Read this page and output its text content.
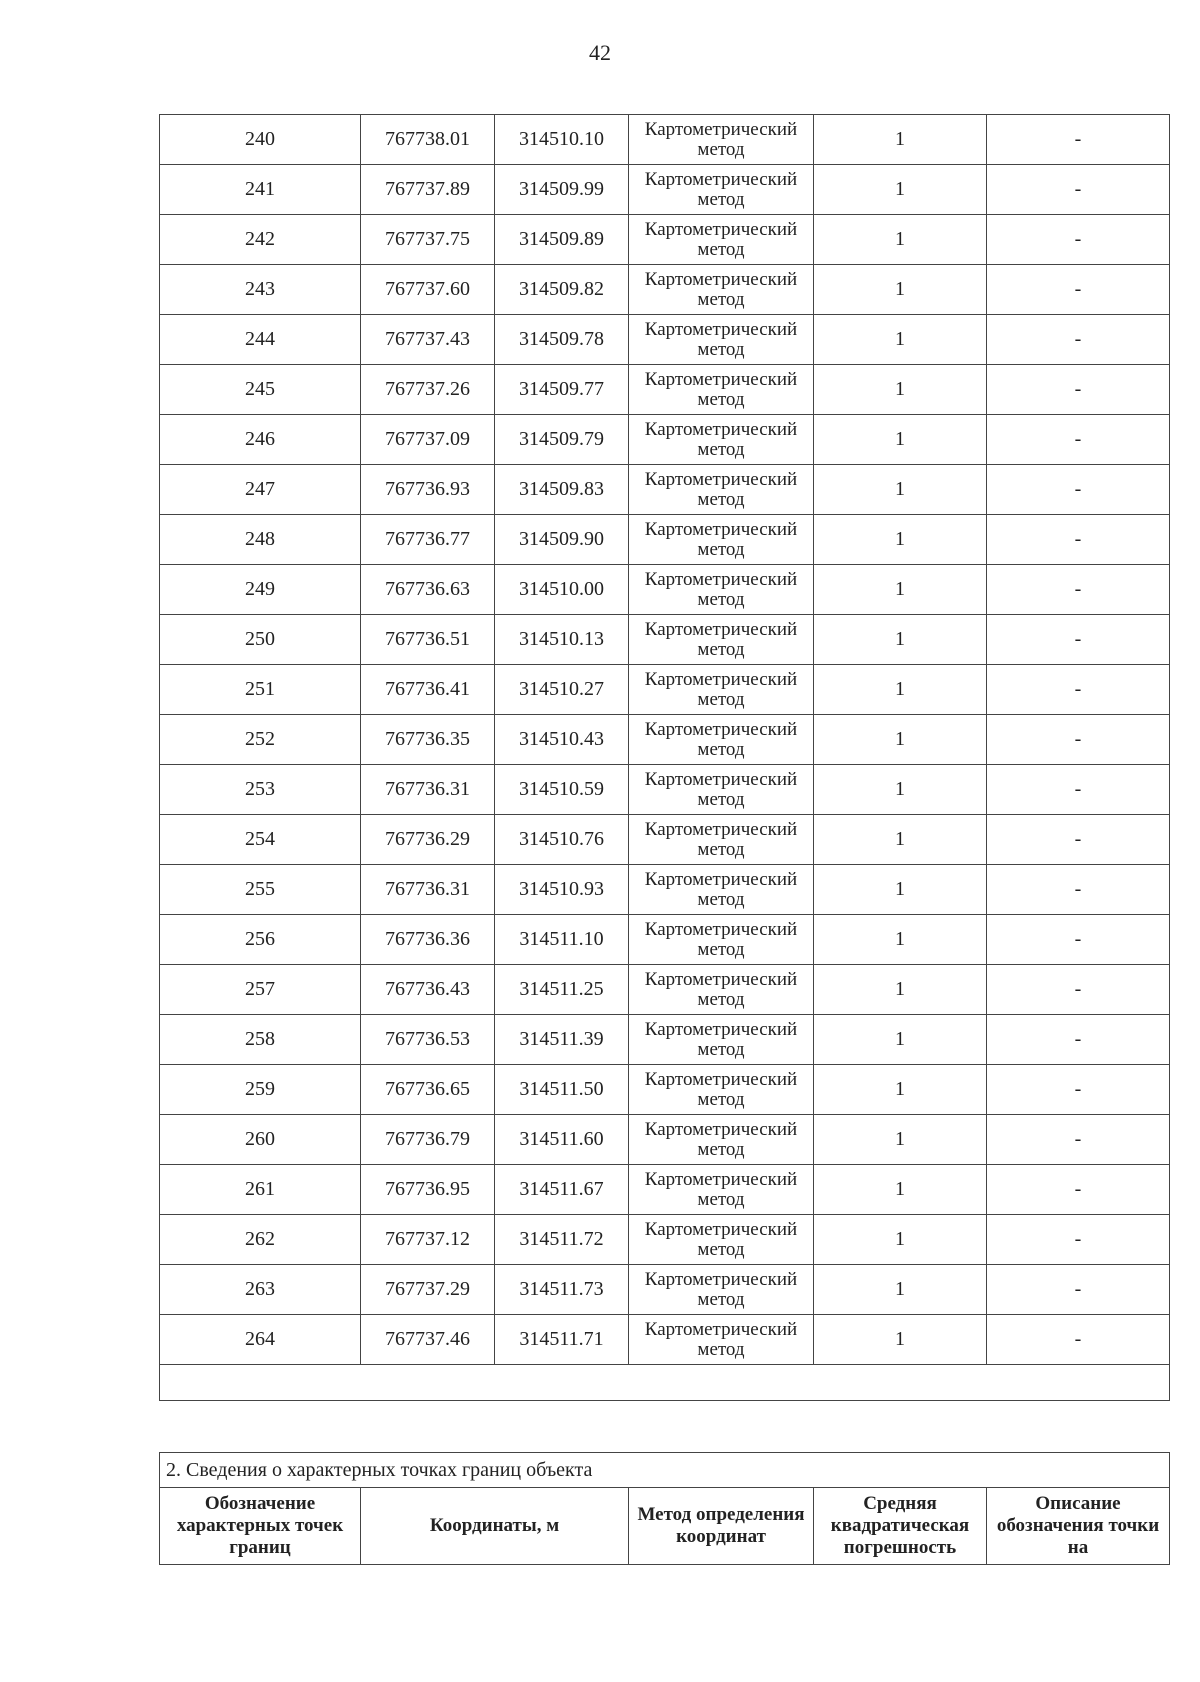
42
240	767738.01	314510.10	Картометрический метод	1	-
241	767737.89	314509.99	Картометрический метод	1	-
242	767737.75	314509.89	Картометрический метод	1	-
243	767737.60	314509.82	Картометрический метод	1	-
244	767737.43	314509.78	Картометрический метод	1	-
245	767737.26	314509.77	Картометрический метод	1	-
246	767737.09	314509.79	Картометрический метод	1	-
247	767736.93	314509.83	Картометрический метод	1	-
248	767736.77	314509.90	Картометрический метод	1	-
249	767736.63	314510.00	Картометрический метод	1	-
250	767736.51	314510.13	Картометрический метод	1	-
251	767736.41	314510.27	Картометрический метод	1	-
252	767736.35	314510.43	Картометрический метод	1	-
253	767736.31	314510.59	Картометрический метод	1	-
254	767736.29	314510.76	Картометрический метод	1	-
255	767736.31	314510.93	Картометрический метод	1	-
256	767736.36	314511.10	Картометрический метод	1	-
257	767736.43	314511.25	Картометрический метод	1	-
258	767736.53	314511.39	Картометрический метод	1	-
259	767736.65	314511.50	Картометрический метод	1	-
260	767736.79	314511.60	Картометрический метод	1	-
261	767736.95	314511.67	Картометрический метод	1	-
262	767737.12	314511.72	Картометрический метод	1	-
263	767737.29	314511.73	Картометрический метод	1	-
264	767737.46	314511.71	Картометрический метод	1	-

2. Сведения о характерных точках границ объекта
Обозначение характерных точек границ	Координаты, м	Метод определения координат	Средняя квадратическая погрешность	Описание обозначения точки на
